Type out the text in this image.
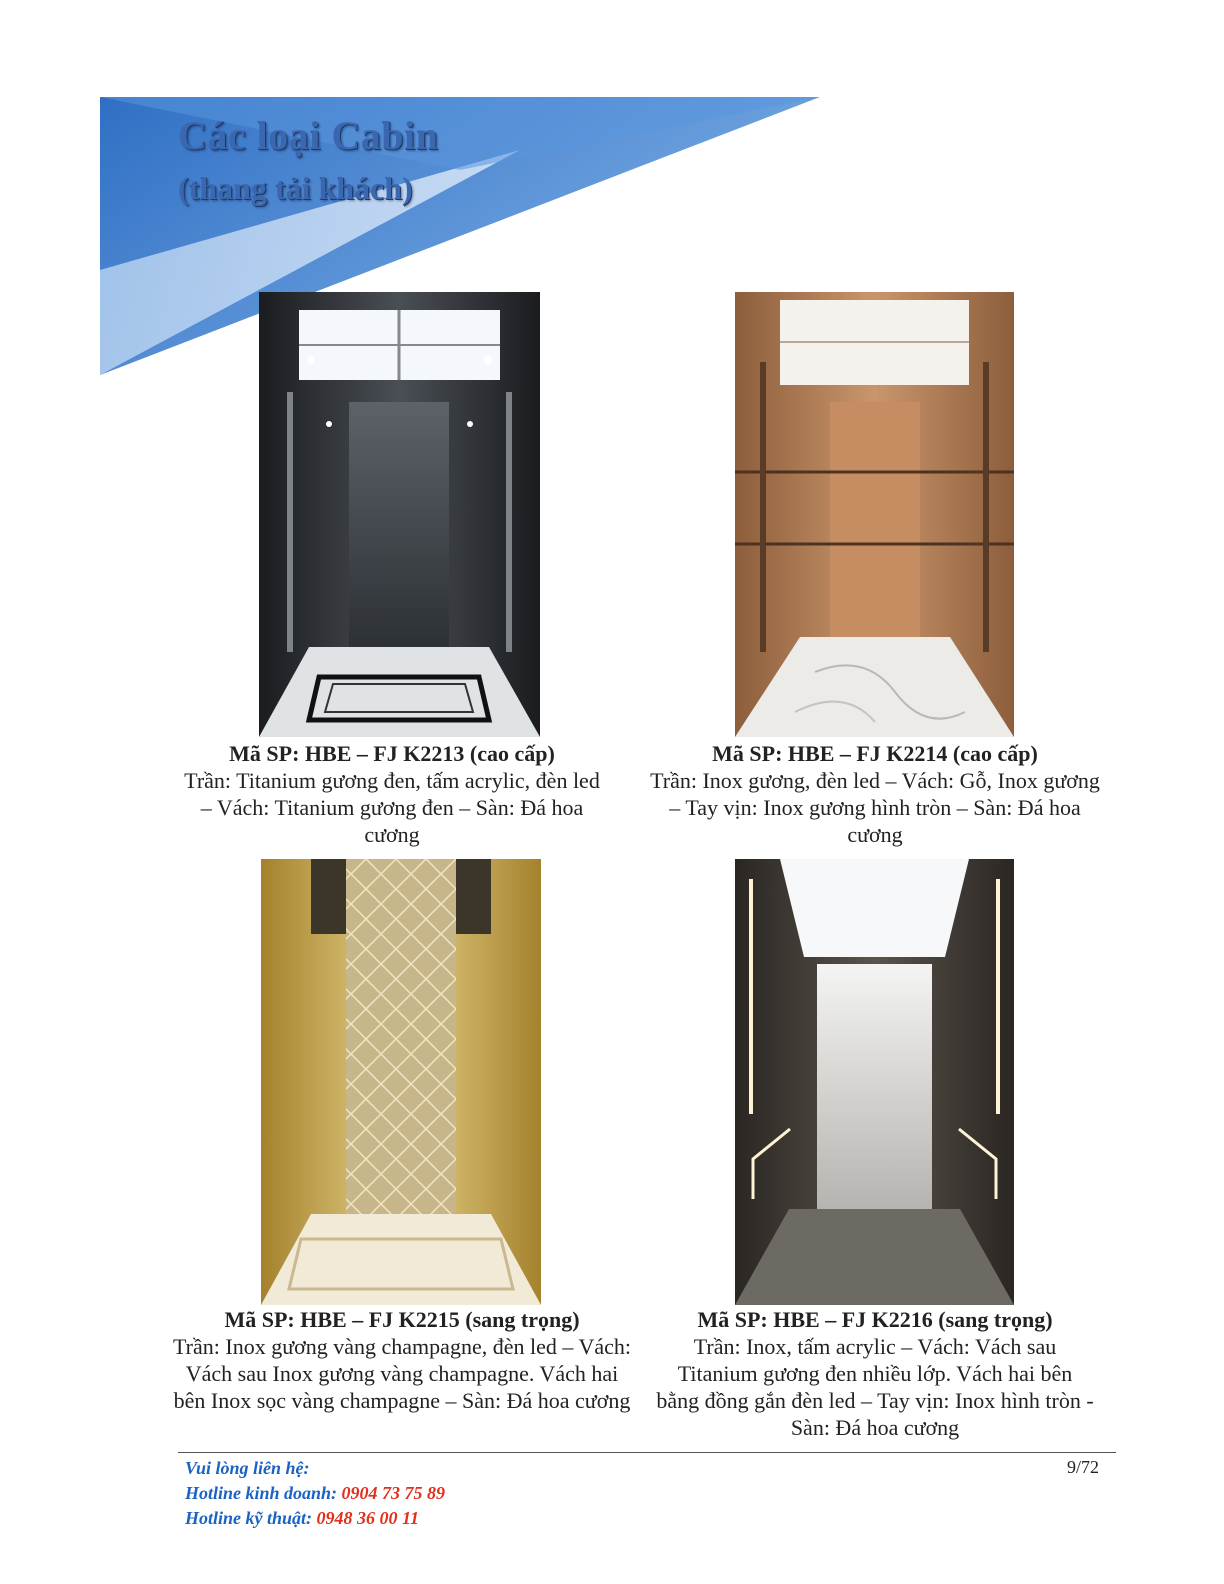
Các loại Cabin
(thang tải khách)
Mã SP: HBE – FJ K2213 (cao cấp)
Trần: Titanium gương đen, tấm acrylic, đèn led – Vách: Titanium gương đen – Sàn: Đá hoa cương
Mã SP: HBE – FJ K2214 (cao cấp)
Trần: Inox gương, đèn led – Vách: Gỗ, Inox gương – Tay vịn: Inox gương hình tròn – Sàn: Đá hoa cương
Mã SP: HBE – FJ K2215 (sang trọng)
Trần: Inox gương vàng champagne, đèn led – Vách: Vách sau Inox gương vàng champagne. Vách hai bên Inox sọc vàng champagne – Sàn: Đá hoa cương
Mã SP: HBE – FJ K2216 (sang trọng)
Trần: Inox, tấm acrylic – Vách: Vách sau Titanium gương đen nhiều lớp. Vách hai bên bằng đồng gắn đèn led – Tay vịn: Inox hình tròn - Sàn: Đá hoa cương
Vui lòng liên hệ:
Hotline kinh doanh: 0904 73 75 89
Hotline kỹ thuật: 0948 36 00 11
9/72
